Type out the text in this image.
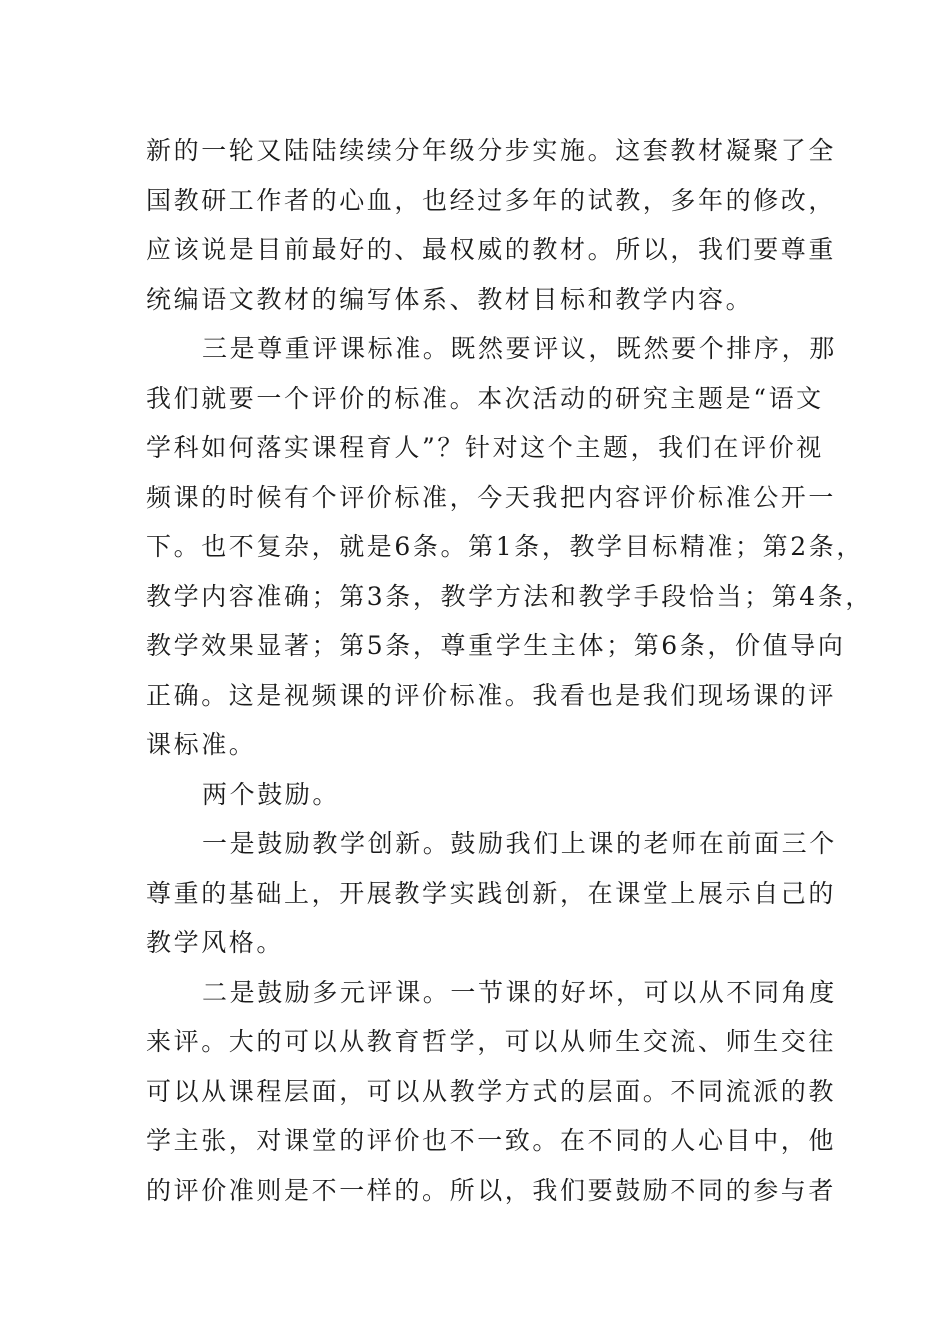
新的一轮又陆陆续续分年级分步实施。这套教材凝聚了全
国教研工作者的心血，也经过多年的试教，多年的修改，
应该说是目前最好的、最权威的教材。所以，我们要尊重
统编语文教材的编写体系、教材目标和教学内容。
三是尊重评课标准。既然要评议，既然要个排序，那
我们就要一个评价的标准。本次活动的研究主题是“语文
学科如何落实课程育人”？针对这个主题，我们在评价视
频课的时候有个评价标准，今天我把内容评价标准公开一
下。也不复杂，就是6条。第1条，教学目标精准；第2条，
教学内容准确；第3条，教学方法和教学手段恰当；第4条，
教学效果显著；第5条，尊重学生主体；第6条，价值导向
正确。这是视频课的评价标准。我看也是我们现场课的评
课标准。
两个鼓励。
一是鼓励教学创新。鼓励我们上课的老师在前面三个
尊重的基础上，开展教学实践创新，在课堂上展示自己的
教学风格。
二是鼓励多元评课。一节课的好坏，可以从不同角度
来评。大的可以从教育哲学，可以从师生交流、师生交往
可以从课程层面，可以从教学方式的层面。不同流派的教
学主张，对课堂的评价也不一致。在不同的人心目中，他
的评价准则是不一样的。所以，我们要鼓励不同的参与者
